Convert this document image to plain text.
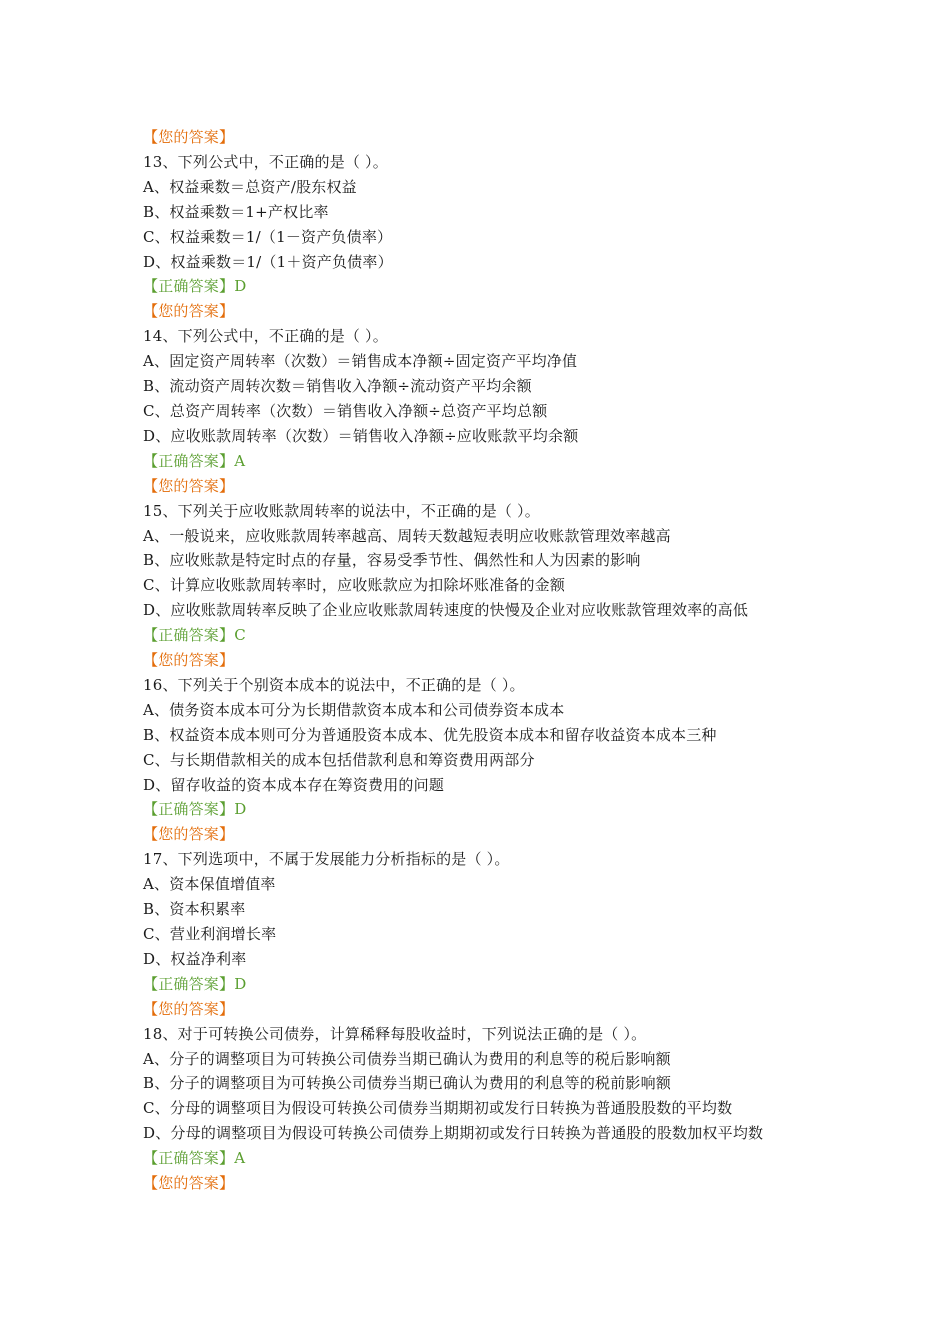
【您的答案】
13、下列公式中，不正确的是（ ）。
A、权益乘数＝总资产/股东权益
B、权益乘数＝1+产权比率
C、权益乘数＝1/（1－资产负债率）
D、权益乘数＝1/（1＋资产负债率）
【正确答案】D
【您的答案】
14、下列公式中，不正确的是（ ）。
A、固定资产周转率（次数）＝销售成本净额÷固定资产平均净值
B、流动资产周转次数＝销售收入净额÷流动资产平均余额
C、总资产周转率（次数）＝销售收入净额÷总资产平均总额
D、应收账款周转率（次数）＝销售收入净额÷应收账款平均余额
【正确答案】A
【您的答案】
15、下列关于应收账款周转率的说法中，不正确的是（ ）。
A、一般说来，应收账款周转率越高、周转天数越短表明应收账款管理效率越高
B、应收账款是特定时点的存量，容易受季节性、偶然性和人为因素的影响
C、计算应收账款周转率时，应收账款应为扣除坏账准备的金额
D、应收账款周转率反映了企业应收账款周转速度的快慢及企业对应收账款管理效率的高低
【正确答案】C
【您的答案】
16、下列关于个别资本成本的说法中，不正确的是（ ）。
A、债务资本成本可分为长期借款资本成本和公司债券资本成本
B、权益资本成本则可分为普通股资本成本、优先股资本成本和留存收益资本成本三种
C、与长期借款相关的成本包括借款利息和筹资费用两部分
D、留存收益的资本成本存在筹资费用的问题
【正确答案】D
【您的答案】
17、下列选项中，不属于发展能力分析指标的是（ ）。
A、资本保值增值率
B、资本积累率
C、营业利润增长率
D、权益净利率
【正确答案】D
【您的答案】
18、对于可转换公司债券，计算稀释每股收益时，下列说法正确的是（ ）。
A、分子的调整项目为可转换公司债券当期已确认为费用的利息等的税后影响额
B、分子的调整项目为可转换公司债券当期已确认为费用的利息等的税前影响额
C、分母的调整项目为假设可转换公司债券当期期初或发行日转换为普通股股数的平均数
D、分母的调整项目为假设可转换公司债券上期期初或发行日转换为普通股的股数加权平均数
【正确答案】A
【您的答案】
